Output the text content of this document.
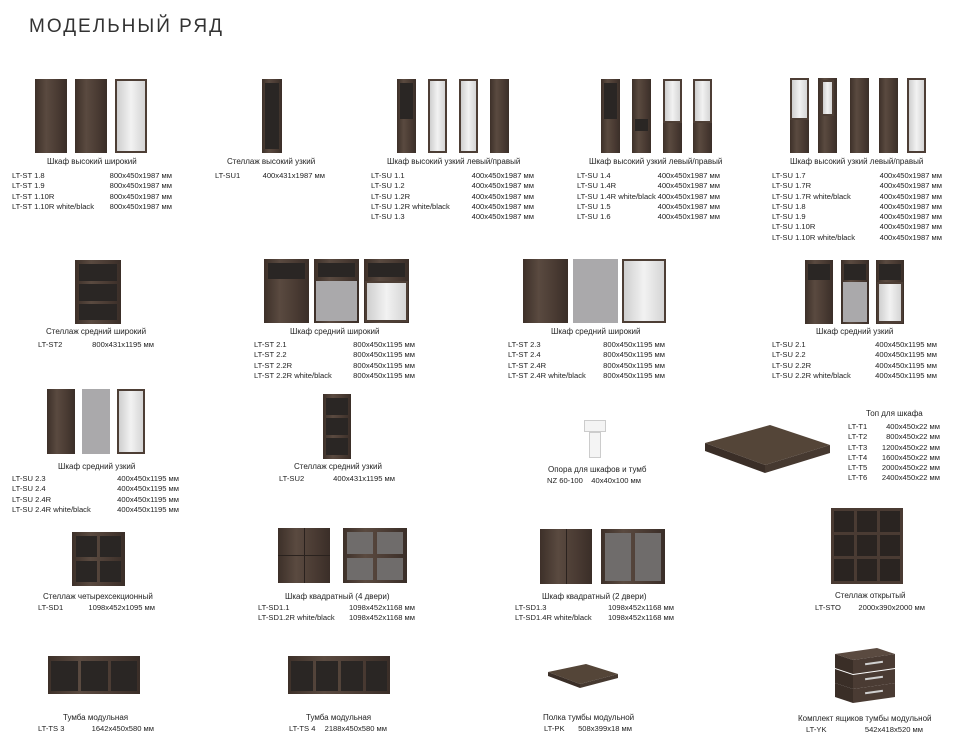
МОДЕЛЬНЫЙ РЯД
Шкаф высокий широкий
LT-ST 1.8	800x450x1987 мм
LT-ST 1.9	800x450x1987 мм
LT-ST 1.10R	800x450x1987 мм
LT-ST 1.10R white/black 800x450x1987 мм
Стеллаж высокий узкий
LT-SU1	400x431x1987 мм
Шкаф высокий узкий левый/правый
LT-SU 1.1	400x450x1987 мм
LT-SU 1.2	400x450x1987 мм
LT-SU 1.2R	400x450x1987 мм
LT-SU 1.2R white/black	400x450x1987 мм
LT-SU 1.3	400x450x1987 мм
Шкаф высокий узкий левый/правый
LT-SU 1.4	400x450x1987 мм
LT-SU 1.4R	400x450x1987 мм
LT-SU 1.4R white/black 400x450x1987 мм
LT-SU 1.5	400x450x1987 мм
LT-SU 1.6	400x450x1987 мм
Шкаф высокий узкий левый/правый
LT-SU 1.7	400x450x1987 мм
LT-SU 1.7R	400x450x1987 мм
LT-SU 1.7R white/black	400x450x1987 мм
LT-SU 1.8	400x450x1987 мм
LT-SU 1.9	400x450x1987 мм
LT-SU 1.10R	400x450x1987 мм
LT-SU 1.10R white/black	400x450x1987 мм
Стеллаж средний широкий
LT-ST2	800x431x1195 мм
Шкаф средний широкий
LT-ST 2.1	800x450x1195 мм
LT-ST 2.2	800x450x1195 мм
LT-ST 2.2R	800x450x1195 мм
LT-ST 2.2R white/black	800x450x1195 мм
Шкаф средний широкий
LT-ST 2.3	800x450x1195 мм
LT-ST 2.4	800x450x1195 мм
LT-ST 2.4R	800x450x1195 мм
LT-ST 2.4R white/black 800x450x1195 мм
Шкаф средний узкий
LT-SU 2.1	400x450x1195 мм
LT-SU 2.2	400x450x1195 мм
LT-SU 2.2R	400x450x1195 мм
LT-SU 2.2R white/black	400x450x1195 мм
Шкаф средний узкий
LT-SU 2.3	400x450x1195 мм
LT-SU 2.4	400x450x1195 мм
LT-SU 2.4R	400x450x1195 мм
LT-SU 2.4R white/black	400x450x1195 мм
Стеллаж средний узкий
LT-SU2	400x431x1195 мм
Опора для шкафов и тумб
NZ 60-100 40x40x100 мм
Топ для шкафа
LT-T1 400x450x22 мм
LT-T2 800x450x22 мм
LT-T3 1200x450x22 мм
LT-T4 1600x450x22 мм
LT-T5 2000x450x22 мм
LT-T6 2400x450x22 мм
Стеллаж четырехсекционный
LT-SD1	1098x452x1095 мм
Шкаф квадратный (4 двери)
LT-SD1.1	1098x452x1168 мм
LT-SD1.2R white/black 1098x452x1168 мм
Шкаф квадратный (2 двери)
LT-SD1.3	1098x452x1168 мм
LT-SD1.4R white/black 1098x452x1168 мм
Стеллаж открытый
LT-STO 2000x390x2000 мм
Тумба модульная
LT-TS 3	1642x450x580 мм
Тумба модульная
LT-TS 4 2188x450x580 мм
Полка тумбы модульной
LT-PK 508x399x18 мм
Комплект ящиков тумбы модульной
LT-YK	542x418x520 мм
